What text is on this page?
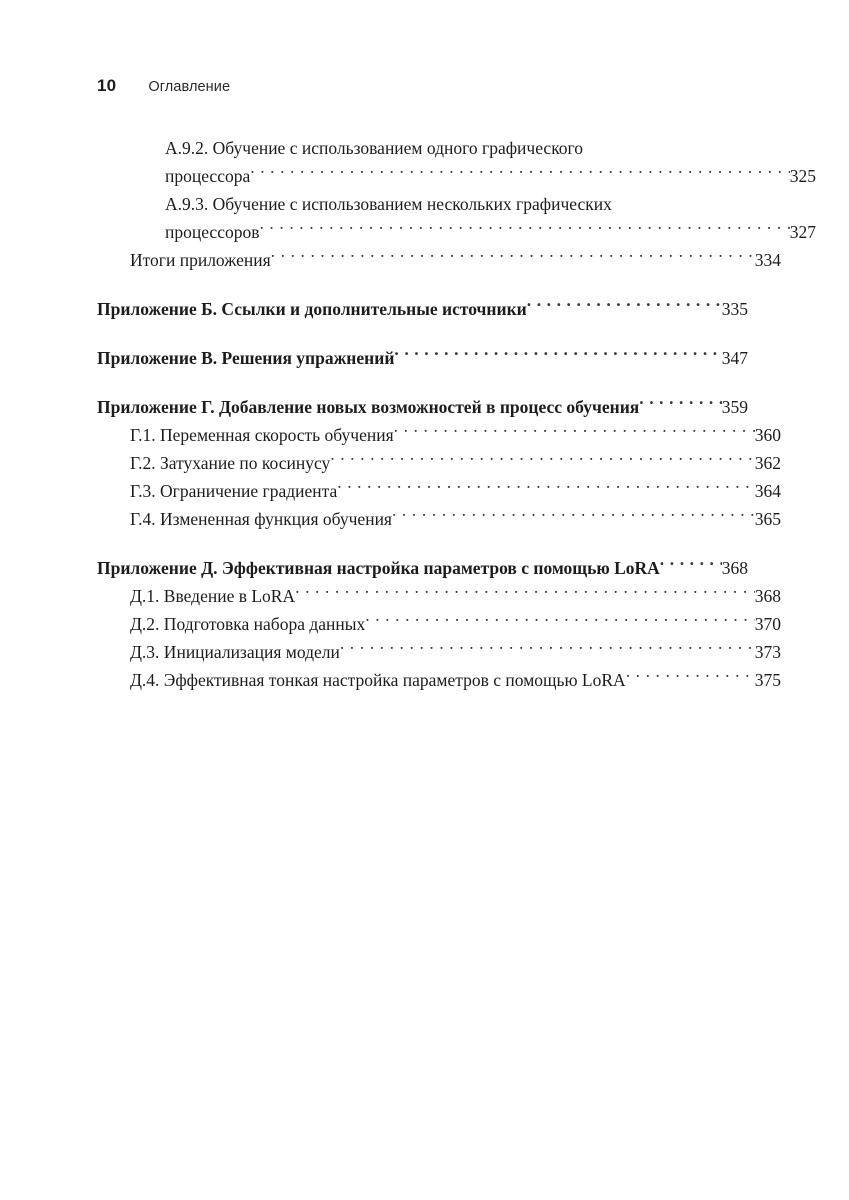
10 Оглавление
A.9.2. Обучение с использованием одного графического
процессора . . .	325
A.9.3. Обучение с использованием нескольких графических
процессоров . . .	327
Итоги приложения . . .	334
Приложение Б. Ссылки и дополнительные источники . . .	335
Приложение В. Решения упражнений . . .	347
Приложение Г. Добавление новых возможностей в процесс обучения . . .	359
Г.1. Переменная скорость обучения . . .	360
Г.2. Затухание по косинусу . . .	362
Г.3. Ограничение градиента . . .	364
Г.4. Измененная функция обучения . . .	365
Приложение Д. Эффективная настройка параметров с помощью LoRA . . .	368
Д.1. Введение в LoRA . . .	368
Д.2. Подготовка набора данных . . .	370
Д.3. Инициализация модели . . .	373
Д.4. Эффективная тонкая настройка параметров с помощью LoRA . . .	375
